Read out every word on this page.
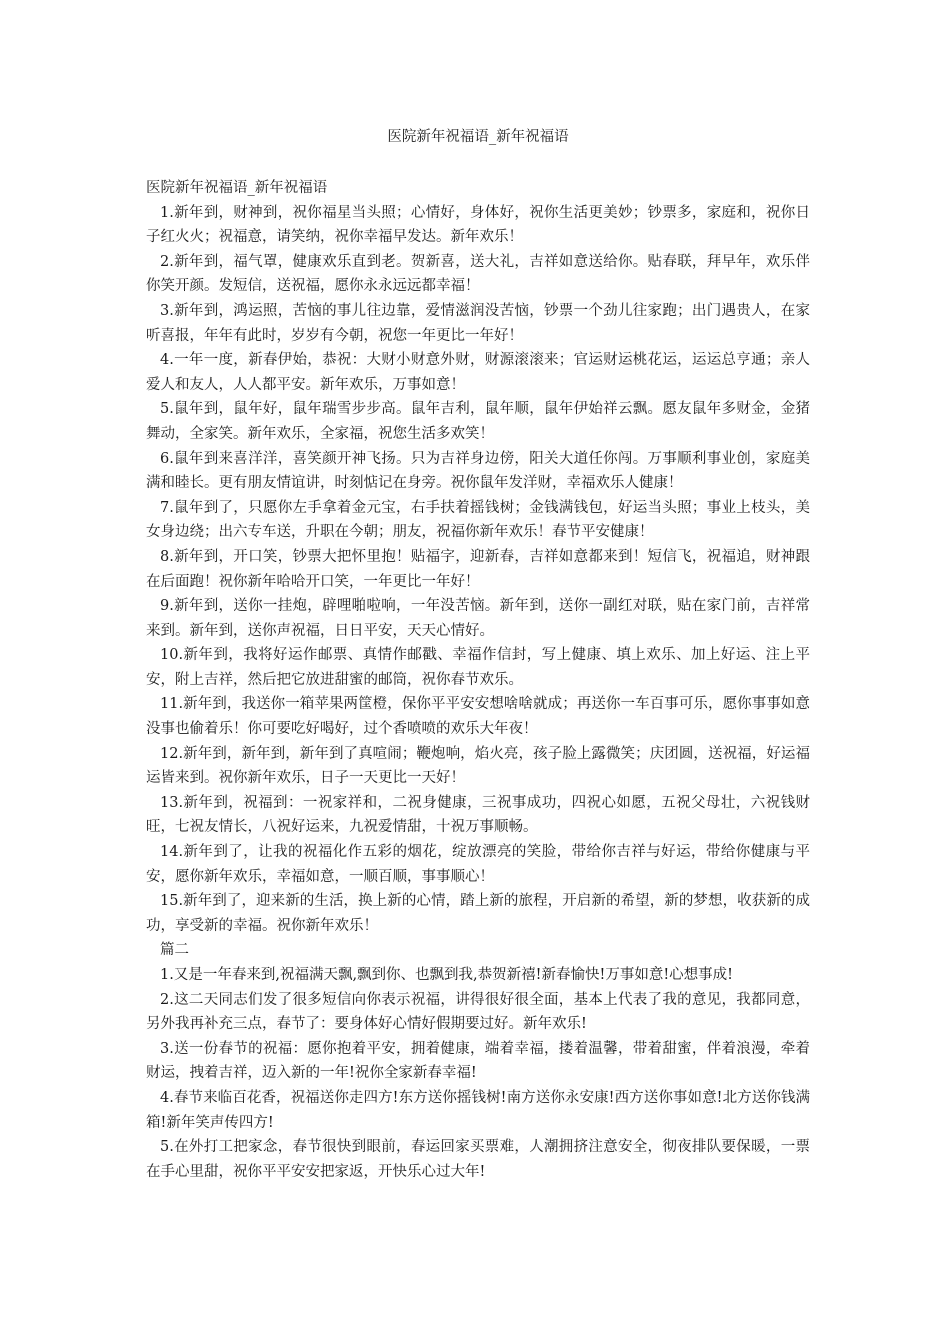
医院新年祝福语_新年祝福语

医院新年祝福语_新年祝福语

1.新年到，财神到，祝你福星当头照；心情好，身体好，祝你生活更美妙；钞票多，家庭和，祝你日子红火火；祝福意，请笑纳，祝你幸福早发达。新年欢乐！

2.新年到，福气罩，健康欢乐直到老。贺新喜，送大礼，吉祥如意送给你。贴春联，拜早年，欢乐伴你笑开颜。发短信，送祝福，愿你永永远远都幸福！

3.新年到，鸿运照，苦恼的事儿往边靠，爱情滋润没苦恼，钞票一个劲儿往家跑；出门遇贵人，在家听喜报，年年有此时，岁岁有今朝，祝您一年更比一年好！

4.一年一度，新春伊始，恭祝：大财小财意外财，财源滚滚来；官运财运桃花运，运运总亨通；亲人爱人和友人，人人都平安。新年欢乐，万事如意！

5.鼠年到，鼠年好，鼠年瑞雪步步高。鼠年吉利，鼠年顺，鼠年伊始祥云飘。愿友鼠年多财金，金猪舞动，全家笑。新年欢乐，全家福，祝您生活多欢笑！

6.鼠年到来喜洋洋，喜笑颜开神飞扬。只为吉祥身边傍，阳关大道任你闯。万事顺利事业创，家庭美满和睦长。更有朋友情谊讲，时刻惦记在身旁。祝你鼠年发洋财，幸福欢乐人健康！

7.鼠年到了，只愿你左手拿着金元宝，右手扶着摇钱树；金钱满钱包，好运当头照；事业上枝头，美女身边绕；出六专车送，升职在今朝；朋友，祝福你新年欢乐！春节平安健康！

8.新年到，开口笑，钞票大把怀里抱！贴福字，迎新春，吉祥如意都来到！短信飞，祝福追，财神跟在后面跑！祝你新年哈哈开口笑，一年更比一年好！

9.新年到，送你一挂炮，辟哩啪啦响，一年没苦恼。新年到，送你一副红对联，贴在家门前，吉祥常来到。新年到，送你声祝福，日日平安，天天心情好。

10.新年到，我将好运作邮票、真情作邮戳、幸福作信封，写上健康、填上欢乐、加上好运、注上平安，附上吉祥，然后把它放进甜蜜的邮筒，祝你春节欢乐。

11.新年到，我送你一箱苹果两筐橙，保你平平安安想啥啥就成；再送你一车百事可乐，愿你事事如意没事也偷着乐！你可要吃好喝好，过个香喷喷的欢乐大年夜！

12.新年到，新年到，新年到了真喧闹；鞭炮响，焰火亮，孩子脸上露微笑；庆团圆，送祝福，好运福运皆来到。祝你新年欢乐，日子一天更比一天好！

13.新年到，祝福到：一祝家祥和，二祝身健康，三祝事成功，四祝心如愿，五祝父母壮，六祝钱财旺，七祝友情长，八祝好运来，九祝爱情甜，十祝万事顺畅。

14.新年到了，让我的祝福化作五彩的烟花，绽放漂亮的笑脸，带给你吉祥与好运，带给你健康与平安，愿你新年欢乐，幸福如意，一顺百顺，事事顺心！

15.新年到了，迎来新的生活，换上新的心情，踏上新的旅程，开启新的希望，新的梦想，收获新的成功，享受新的幸福。祝你新年欢乐！

篇二

1.又是一年春来到,祝福满天飘,飘到你、也飘到我,恭贺新禧!新春愉快!万事如意!心想事成!

2.这二天同志们发了很多短信向你表示祝福，讲得很好很全面，基本上代表了我的意见，我都同意，另外我再补充三点，春节了：要身体好心情好假期要过好。新年欢乐!

3.送一份春节的祝福：愿你抱着平安，拥着健康，端着幸福，搂着温馨，带着甜蜜，伴着浪漫，牵着财运，拽着吉祥，迈入新的一年!祝你全家新春幸福!

4.春节来临百花香，祝福送你走四方!东方送你摇钱树!南方送你永安康!西方送你事如意!北方送你钱满箱!新年笑声传四方!

5.在外打工把家念，春节很快到眼前，春运回家买票难，人潮拥挤注意安全，彻夜排队要保暖，一票在手心里甜，祝你平平安安把家返，开快乐心过大年!
